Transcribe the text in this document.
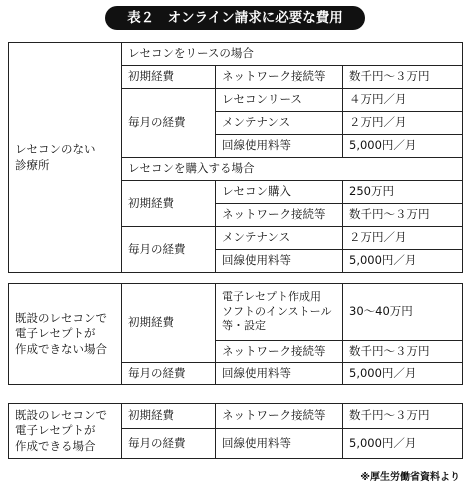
表２　オンライン請求に必要な費用
レセコンのない
診療所	レセコンをリースの場合		
	初期経費	ネットワーク接続等	数千円～３万円
	毎月の経費	レセコンリース	４万円／月
		メンテナンス	２万円／月
		回線使用料等	5,000円／月
	レセコンを購入する場合		
	初期経費	レセコン購入	250万円
		ネットワーク接続等	数千円～３万円
	毎月の経費	メンテナンス	２万円／月
		回線使用料等	5,000円／月
既設のレセコンで
電子レセプトが
作成できない場合	初期経費	電子レセプト作成用
ソフトのインストール
等・設定	30～40万円
		ネットワーク接続等	数千円～３万円
	毎月の経費	回線使用料等	5,000円／月
既設のレセコンで
電子レセプトが
作成できる場合	初期経費	ネットワーク接続等	数千円～３万円
	毎月の経費	回線使用料等	5,000円／月
※厚生労働省資料より
